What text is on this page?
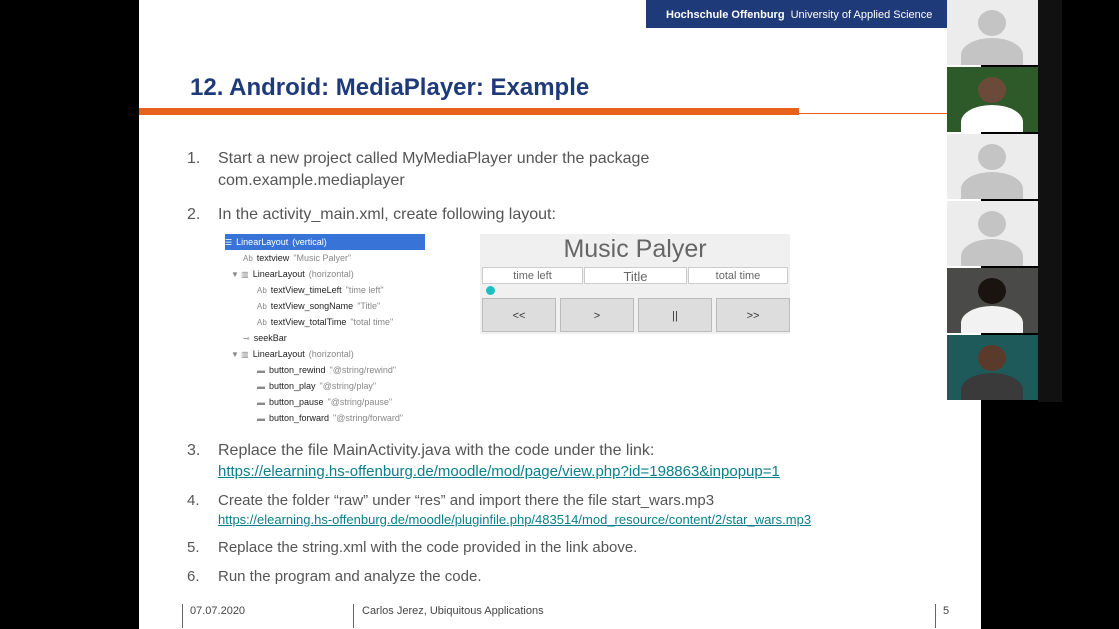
Hochschule Offenburg University of Applied Science
12. Android: MediaPlayer: Example
1.	Start a new project called MyMediaPlayer under the package
com.example.mediaplayer
2.	In the activity_main.xml, create following layout:
☰ LinearLayout (vertical)
Ab textview "Music Palyer"
▼ ▥ LinearLayout (horizontal)
Ab textView_timeLeft "time left"
Ab textView_songName "Title"
Ab textView_totalTime "total time"
⊸ seekBar
▼ ▥ LinearLayout (horizontal)
▬ button_rewind "@string/rewind"
▬ button_play "@string/play"
▬ button_pause "@string/pause"
▬ button_forward "@string/forward"
Music Palyer
time left	Title	total time
<<	>	||	>>
3.	Replace the file MainActivity.java with the code under the link:
https://elearning.hs-offenburg.de/moodle/mod/page/view.php?id=198863&inpopup=1
4.	Create the folder “raw” under “res” and import there the file start_wars.mp3
https://elearning.hs-offenburg.de/moodle/pluginfile.php/483514/mod_resource/content/2/star_wars.mp3
5.	Replace the string.xml with the code provided in the link above.
6.	Run the program and analyze the code.
07.07.2020	Carlos Jerez, Ubiquitous Applications	5
